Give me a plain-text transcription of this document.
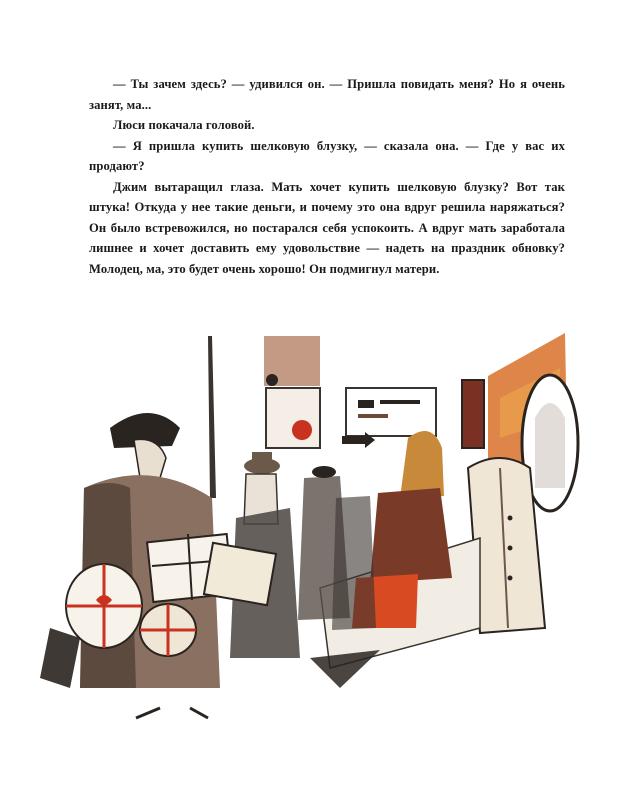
— Ты зачем здесь? — удивился он. — Пришла повидать меня? Но я очень занят, ма...

Люси покачала головой.

— Я пришла купить шелковую блузку, — сказала она. — Где у вас их продают?

Джим вытаращил глаза. Мать хочет купить шелковую блузку? Вот так штука! Откуда у нее такие деньги, и почему это она вдруг решила наряжаться? Он было встревожился, но постарался себя успокоить. А вдруг мать заработала лишнее и хочет доставить ему удовольствие — надеть на праздник обновку? Молодец, ма, это будет очень хорошо! Он подмигнул матери.
